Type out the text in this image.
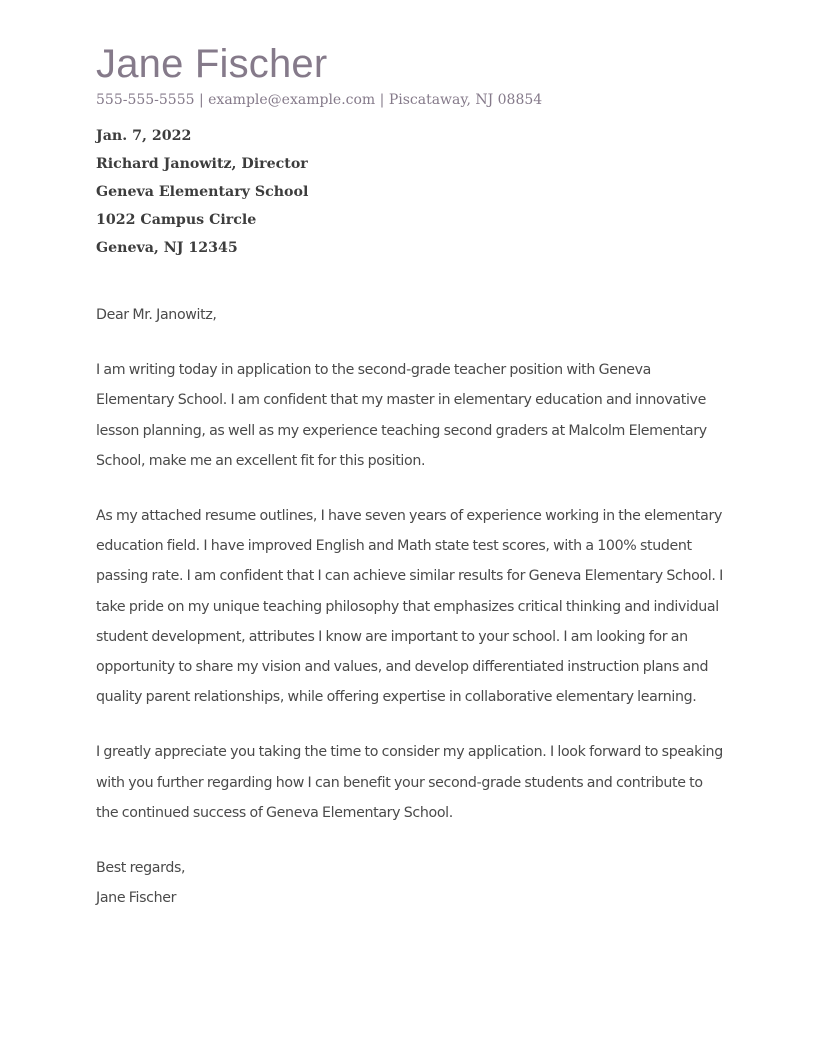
Jane Fischer

555-555-5555 | example@example.com | Piscataway, NJ 08854

Jan. 7, 2022
Richard Janowitz, Director
Geneva Elementary School
1022 Campus Circle
Geneva, NJ 12345
Dear Mr. Janowitz,
I am writing today in application to the second-grade teacher position with Geneva Elementary School. I am confident that my master in elementary education and innovative lesson planning, as well as my experience teaching second graders at Malcolm Elementary School, make me an excellent fit for this position.
As my attached resume outlines, I have seven years of experience working in the elementary education field. I have improved English and Math state test scores, with a 100% student passing rate. I am confident that I can achieve similar results for Geneva Elementary School. I take pride on my unique teaching philosophy that emphasizes critical thinking and individual student development, attributes I know are important to your school. I am looking for an opportunity to share my vision and values, and develop differentiated instruction plans and quality parent relationships, while offering expertise in collaborative elementary learning.
I greatly appreciate you taking the time to consider my application. I look forward to speaking with you further regarding how I can benefit your second-grade students and contribute to the continued success of Geneva Elementary School.
Best regards,
Jane Fischer
